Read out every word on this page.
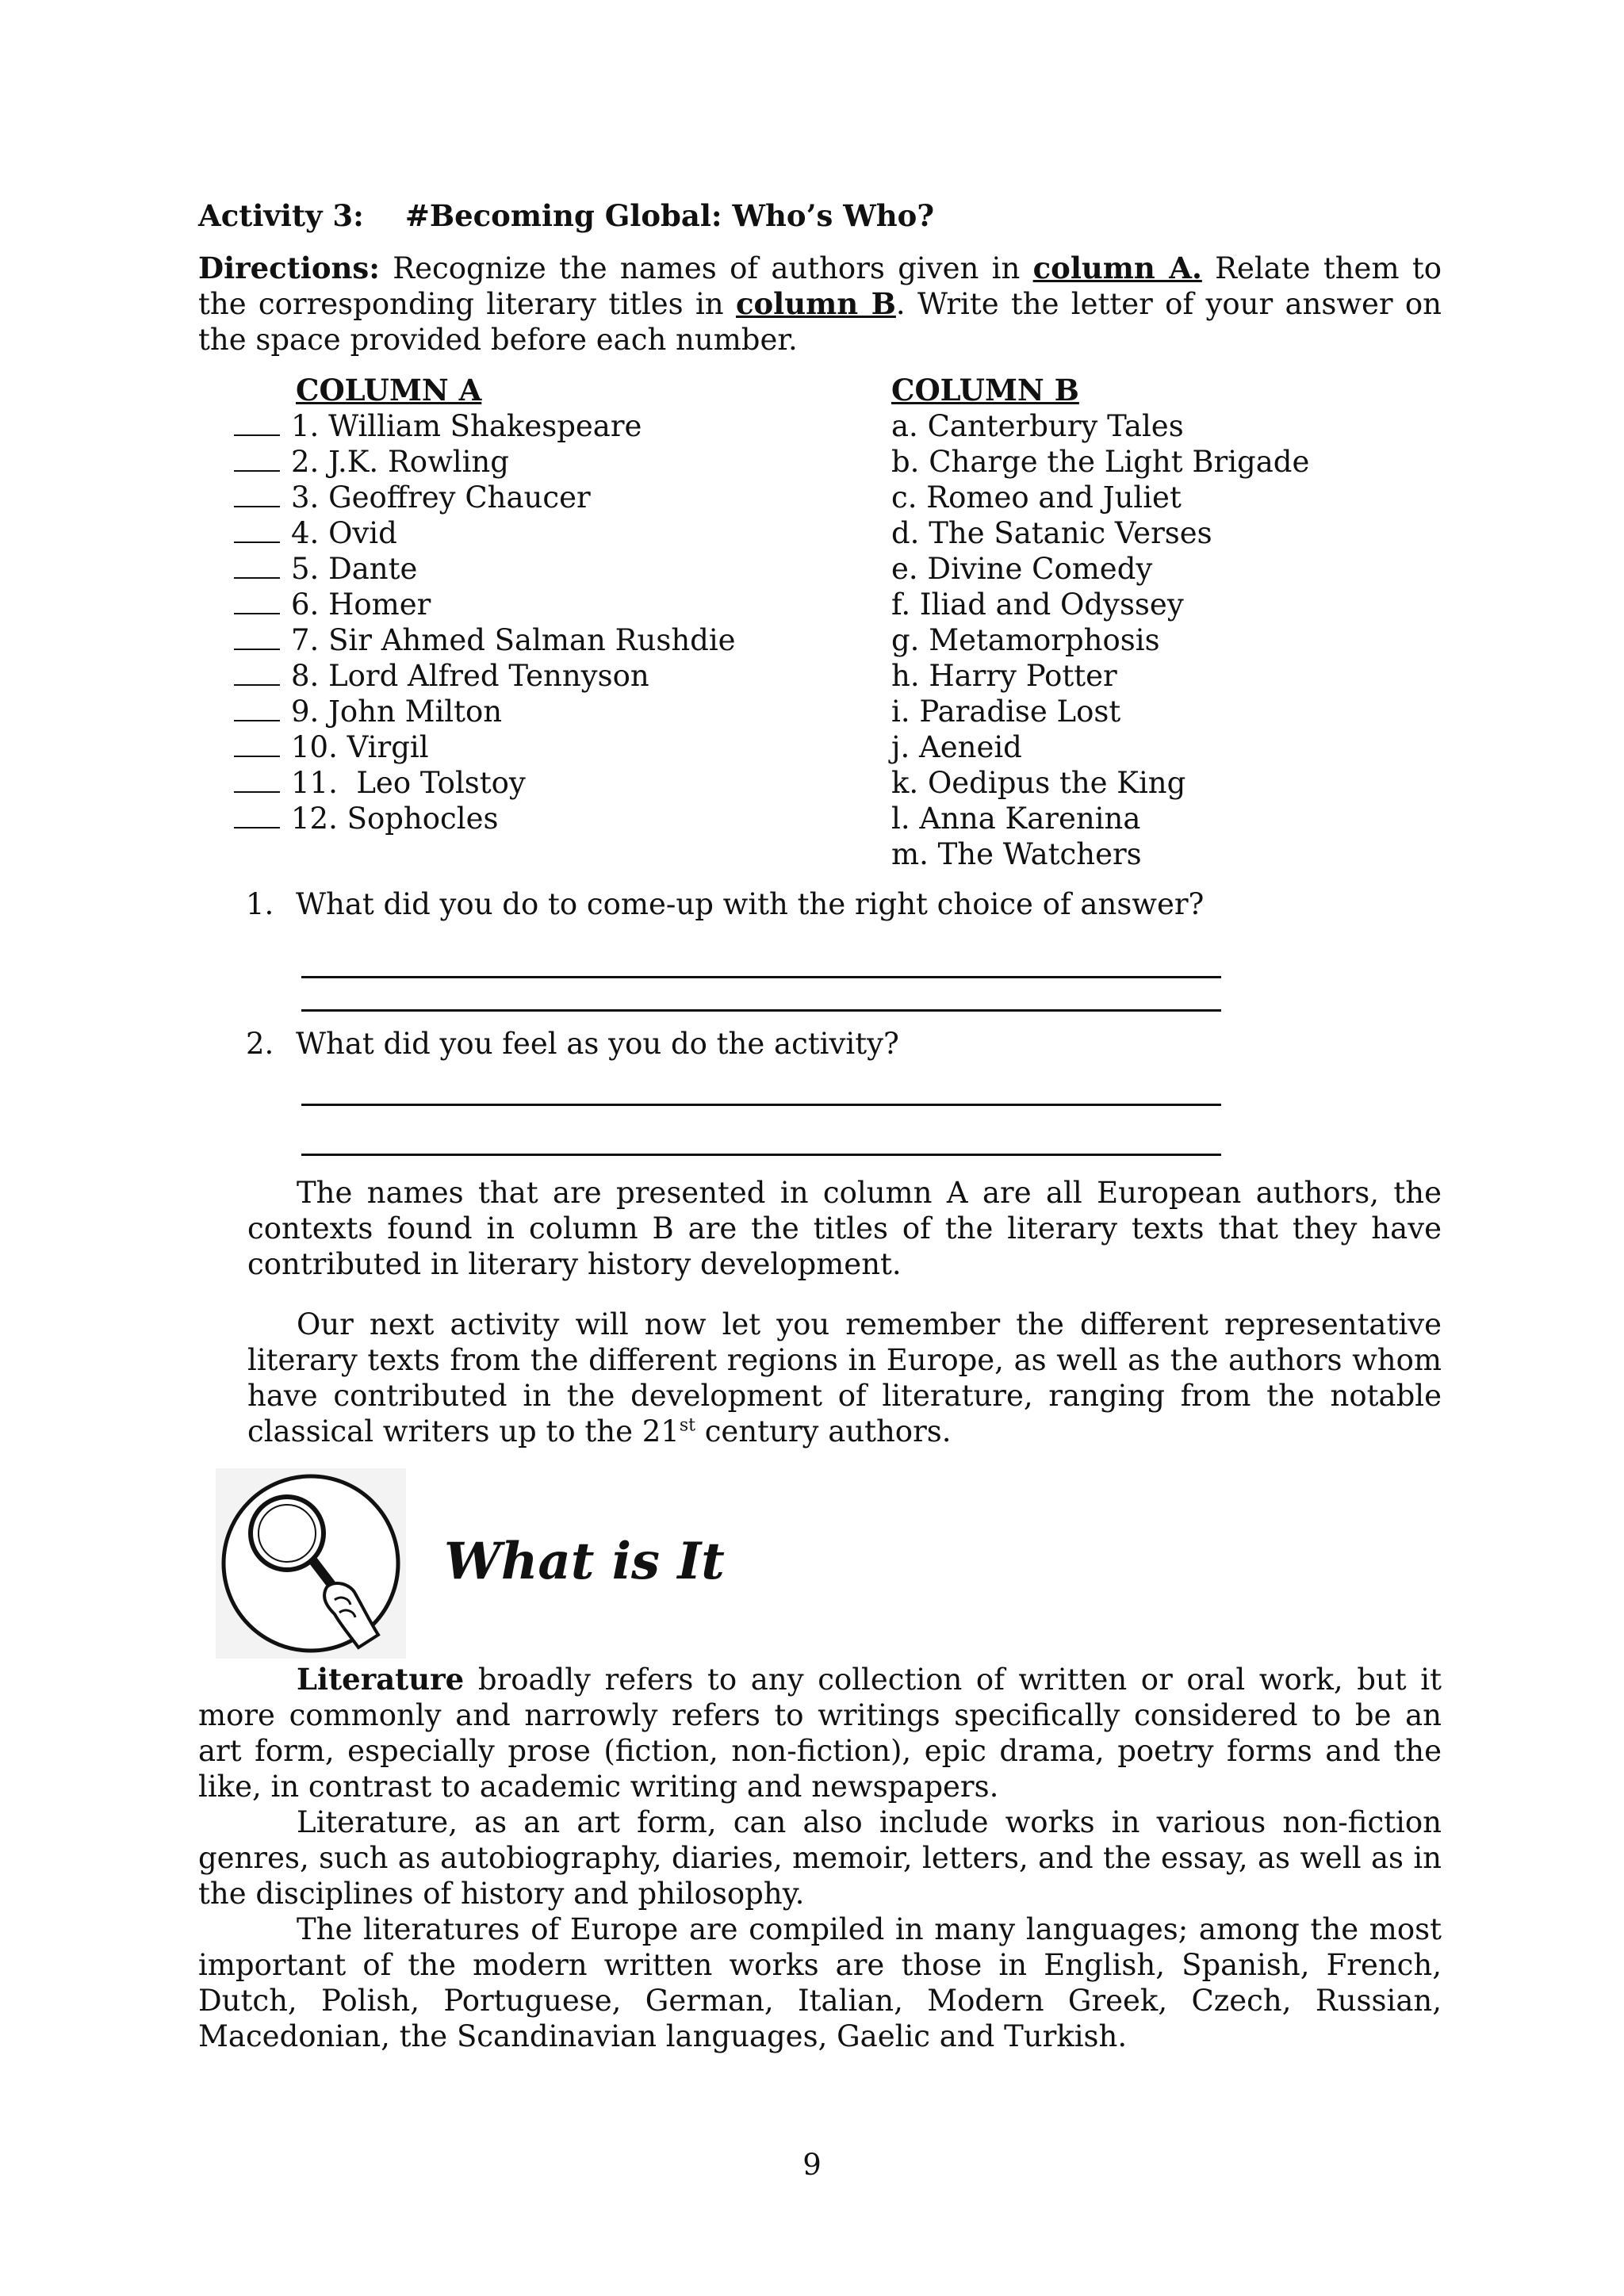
Activity 3: #Becoming Global: Who’s Who?
Directions: Recognize the names of authors given in column A. Relate them to the corresponding literary titles in column B. Write the letter of your answer on the space provided before each number.
COLUMN A	COLUMN B
1. William Shakespeare
2. J.K. Rowling
3. Geoffrey Chaucer
4. Ovid
5. Dante
6. Homer
7. Sir Ahmed Salman Rushdie
8. Lord Alfred Tennyson
9. John Milton
10. Virgil
11.  Leo Tolstoy
12. Sophocles
a. Canterbury Tales
b. Charge the Light Brigade
c. Romeo and Juliet
d. The Satanic Verses
e. Divine Comedy
f. Iliad and Odyssey
g. Metamorphosis
h. Harry Potter
i. Paradise Lost
j. Aeneid
k. Oedipus the King
l. Anna Karenina
m. The Watchers
1. What did you do to come-up with the right choice of answer?
2. What did you feel as you do the activity?
The names that are presented in column A are all European authors, the contexts found in column B are the titles of the literary texts that they have contributed in literary history development.
Our next activity will now let you remember the different representative literary texts from the different regions in Europe, as well as the authors whom have contributed in the development of literature, ranging from the notable classical writers up to the 21st century authors.
What is It
Literature broadly refers to any collection of written or oral work, but it more commonly and narrowly refers to writings specifically considered to be an art form, especially prose (fiction, non-fiction), epic drama, poetry forms and the like, in contrast to academic writing and newspapers.
Literature, as an art form, can also include works in various non-fiction genres, such as autobiography, diaries, memoir, letters, and the essay, as well as in the disciplines of history and philosophy.
The literatures of Europe are compiled in many languages; among the most important of the modern written works are those in English, Spanish, French, Dutch, Polish, Portuguese, German, Italian, Modern Greek, Czech, Russian, Macedonian, the Scandinavian languages, Gaelic and Turkish.
9
